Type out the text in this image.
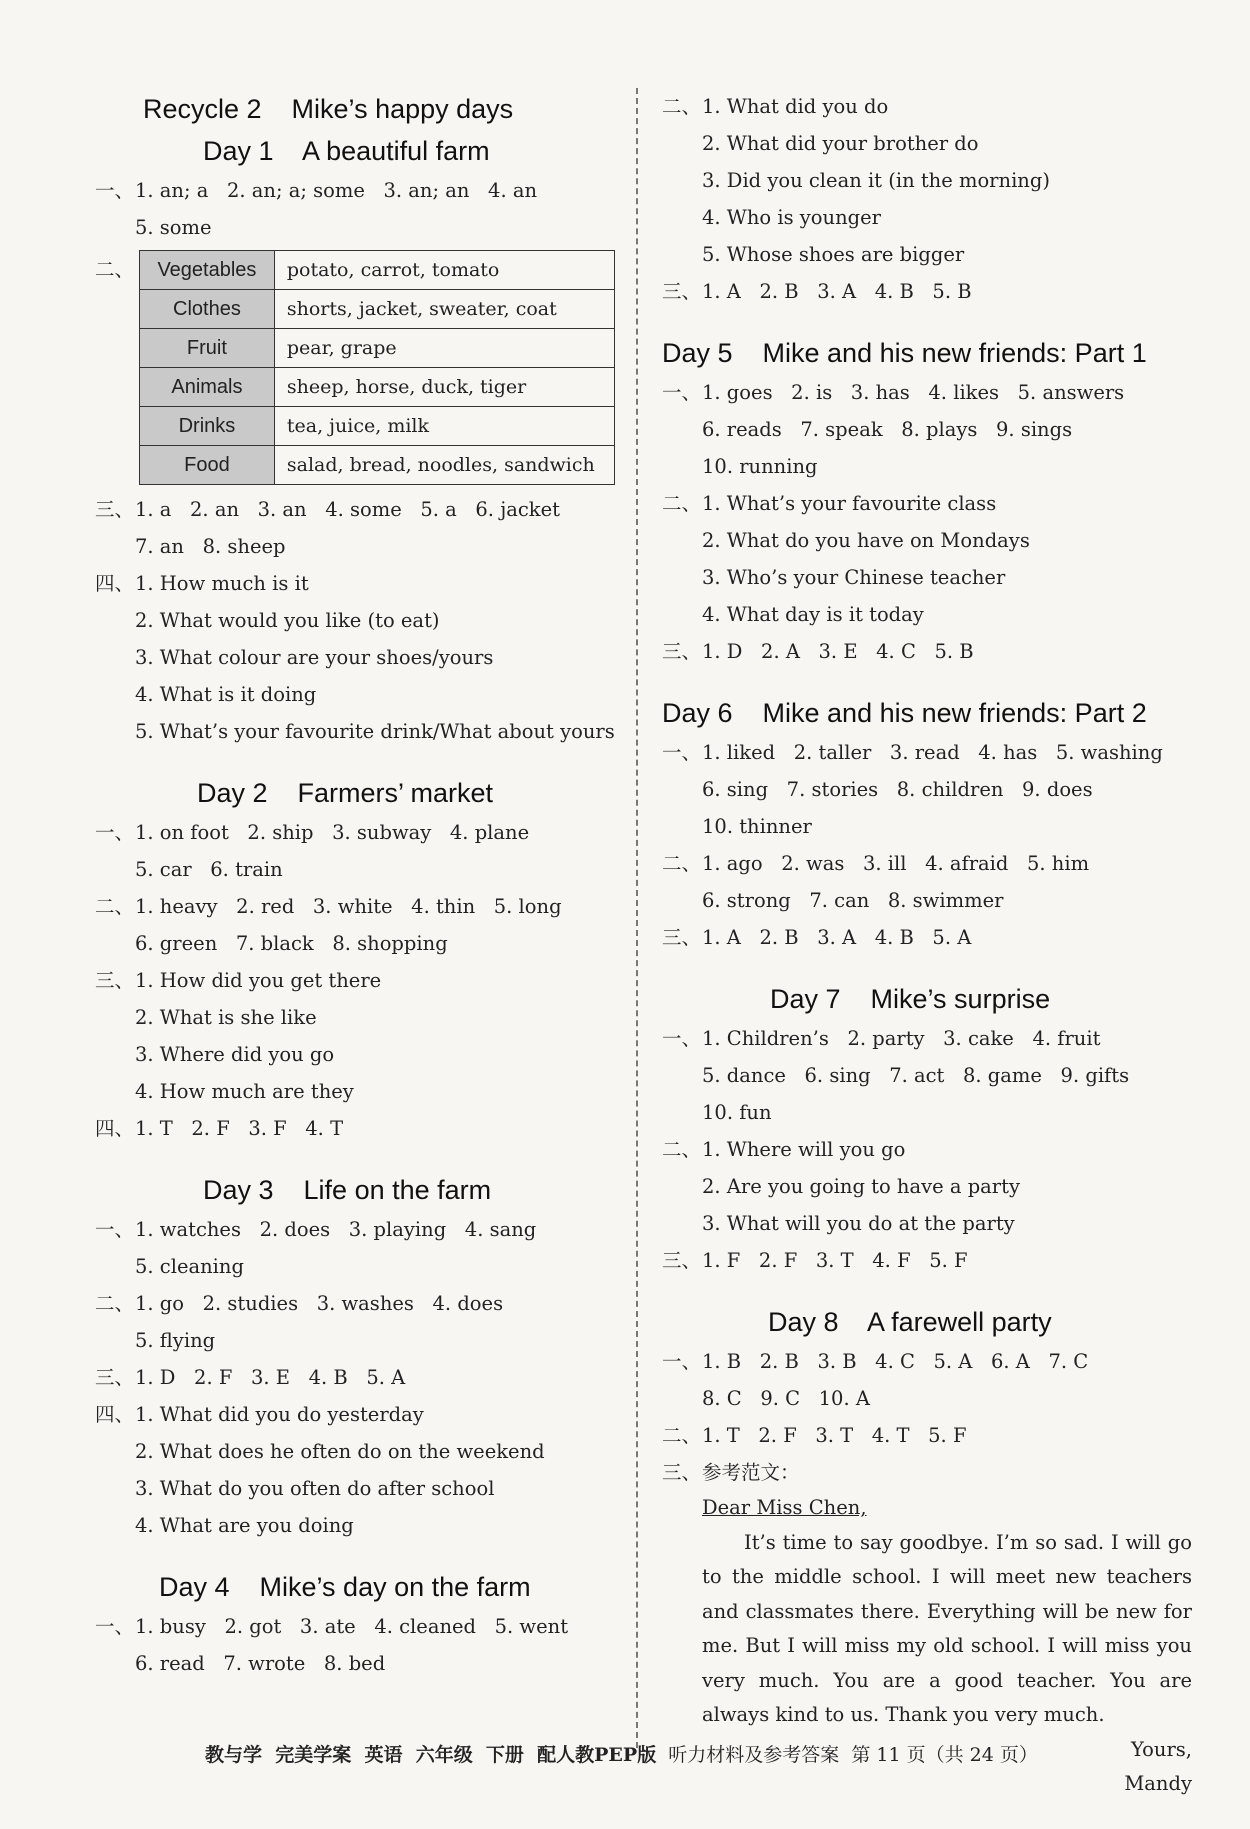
Recycle 2    Mike’s happy days
Day 1    A beautiful farm
一、1. an; a   2. an; a; some   3. an; an   4. an
5. some
二、 Vegetables	potato, carrot, tomato
Clothes	shorts, jacket, sweater, coat
Fruit	pear, grape
Animals	sheep, horse, duck, tiger
Drinks	tea, juice, milk
Food	salad, bread, noodles, sandwich
三、1. a   2. an   3. an   4. some   5. a   6. jacket
7. an   8. sheep
四、1. How much is it
2. What would you like (to eat)
3. What colour are your shoes/yours
4. What is it doing
5. What’s your favourite drink/What about yours
Day 2    Farmers’ market
一、1. on foot   2. ship   3. subway   4. plane
5. car   6. train
二、1. heavy   2. red   3. white   4. thin   5. long
6. green   7. black   8. shopping
三、1. How did you get there
2. What is she like
3. Where did you go
4. How much are they
四、1. T   2. F   3. F   4. T
Day 3    Life on the farm
一、1. watches   2. does   3. playing   4. sang
5. cleaning
二、1. go   2. studies   3. washes   4. does
5. flying
三、1. D   2. F   3. E   4. B   5. A
四、1. What did you do yesterday
2. What does he often do on the weekend
3. What do you often do after school
4. What are you doing
Day 4    Mike’s day on the farm
一、1. busy   2. got   3. ate   4. cleaned   5. went
6. read   7. wrote   8. bed
二、1. What did you do
2. What did your brother do
3. Did you clean it (in the morning)
4. Who is younger
5. Whose shoes are bigger
三、1. A   2. B   3. A   4. B   5. B
Day 5    Mike and his new friends: Part 1
一、1. goes   2. is   3. has   4. likes   5. answers
6. reads   7. speak   8. plays   9. sings
10. running
二、1. What’s your favourite class
2. What do you have on Mondays
3. Who’s your Chinese teacher
4. What day is it today
三、1. D   2. A   3. E   4. C   5. B
Day 6    Mike and his new friends: Part 2
一、1. liked   2. taller   3. read   4. has   5. washing
6. sing   7. stories   8. children   9. does
10. thinner
二、1. ago   2. was   3. ill   4. afraid   5. him
6. strong   7. can   8. swimmer
三、1. A   2. B   3. A   4. B   5. A
Day 7    Mike’s surprise
一、1. Children’s   2. party   3. cake   4. fruit
5. dance   6. sing   7. act   8. game   9. gifts
10. fun
二、1. Where will you go
2. Are you going to have a party
3. What will you do at the party
三、1. F   2. F   3. T   4. F   5. F
Day 8    A farewell party
一、1. B   2. B   3. B   4. C   5. A   6. A   7. C
8. C   9. C   10. A
二、1. T   2. F   3. T   4. T   5. F
三、参考范文：

Dear Miss Chen,

It’s time to say goodbye. I’m so sad. I will go to the middle school. I will meet new teachers and classmates there. Everything will be new for me. But I will miss my old school. I will miss you very much. You are a good teacher. You are always kind to us. Thank you very much.

Yours,

Mandy

教与学  完美学案  英语  六年级  下册  配人教PEP版  听力材料及参考答案  第 11 页（共 24 页）
